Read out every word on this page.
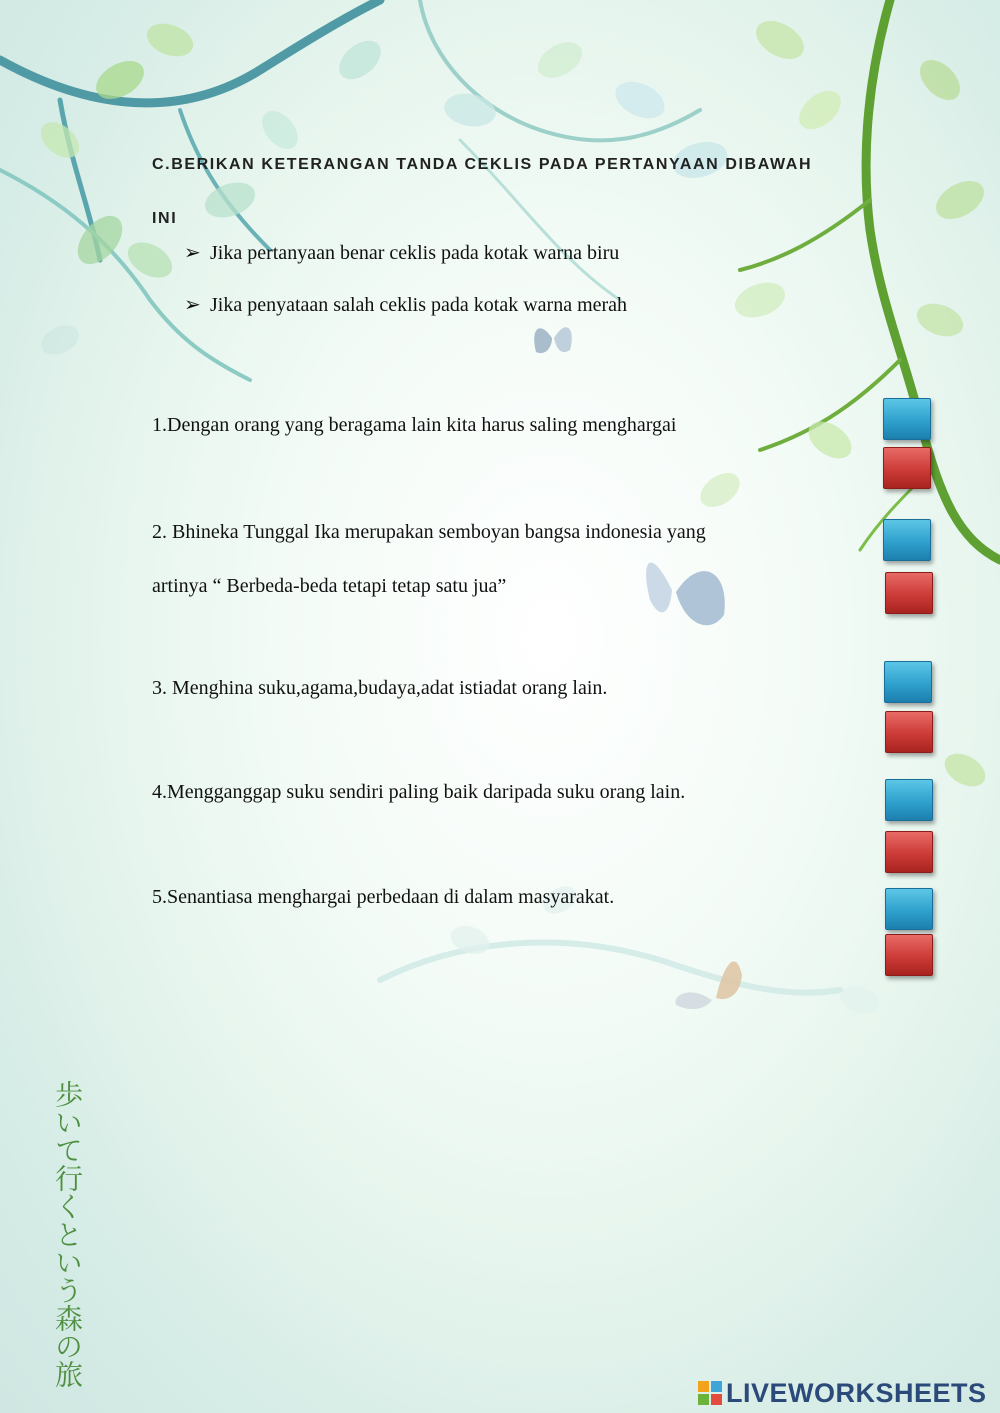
C.BERIKAN KETERANGAN TANDA CEKLIS PADA PERTANYAAN DIBAWAH
INI
➢ Jika pertanyaan benar ceklis pada kotak warna biru
➢ Jika penyataan salah ceklis pada kotak warna merah
1.Dengan orang yang beragama lain kita harus saling menghargai
2. Bhineka Tunggal Ika merupakan semboyan bangsa indonesia yang
artinya “ Berbeda-beda tetapi tetap satu jua”
3. Menghina suku,agama,budaya,adat istiadat orang lain.
4.Mengganggap suku sendiri paling baik daripada suku orang lain.
5.Senantiasa menghargai perbedaan di dalam masyarakat.
歩いて行くという森の旅
LIVEWORKSHEETS
